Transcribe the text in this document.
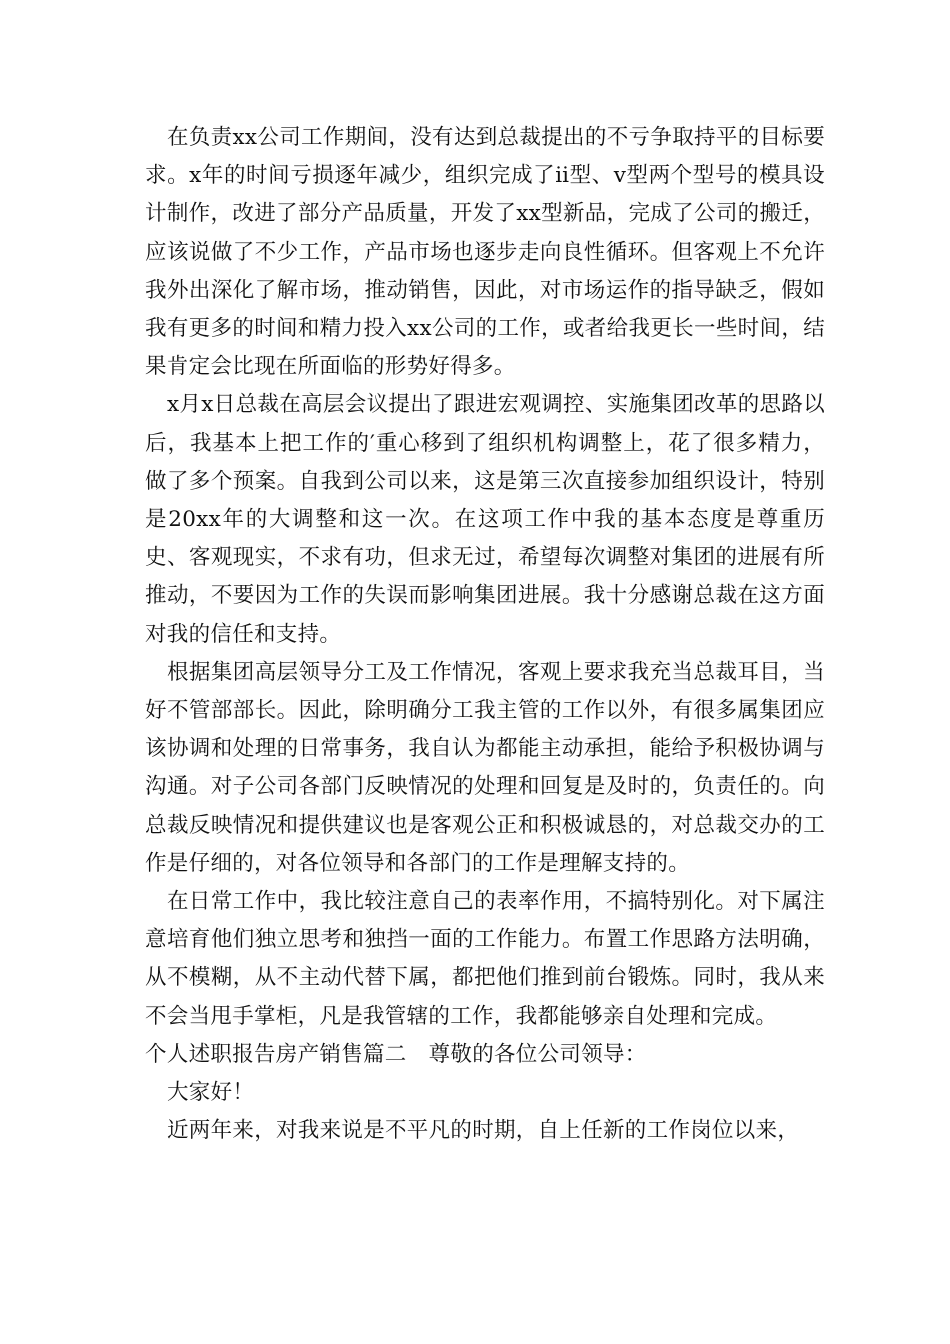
在负责xx公司工作期间，没有达到总裁提出的不亏争取持平的目标要求。x年的时间亏损逐年减少，组织完成了ⅱ型、ⅴ型两个型号的模具设计制作，改进了部分产品质量，开发了xx型新品，完成了公司的搬迁，应该说做了不少工作，产品市场也逐步走向良性循环。但客观上不允许我外出深化了解市场，推动销售，因此，对市场运作的指导缺乏，假如我有更多的时间和精力投入xx公司的工作，或者给我更长一些时间，结果肯定会比现在所面临的形势好得多。

x月x日总裁在高层会议提出了跟进宏观调控、实施集团改革的思路以后，我基本上把工作的′重心移到了组织机构调整上，花了很多精力，做了多个预案。自我到公司以来，这是第三次直接参加组织设计，特别是20xx年的大调整和这一次。在这项工作中我的基本态度是尊重历史、客观现实，不求有功，但求无过，希望每次调整对集团的进展有所推动，不要因为工作的失误而影响集团进展。我十分感谢总裁在这方面对我的信任和支持。

根据集团高层领导分工及工作情况，客观上要求我充当总裁耳目，当好不管部部长。因此，除明确分工我主管的工作以外，有很多属集团应该协调和处理的日常事务，我自认为都能主动承担，能给予积极协调与沟通。对子公司各部门反映情况的处理和回复是及时的，负责任的。向总裁反映情况和提供建议也是客观公正和积极诚恳的，对总裁交办的工作是仔细的，对各位领导和各部门的工作是理解支持的。

在日常工作中，我比较注意自己的表率作用，不搞特别化。对下属注意培育他们独立思考和独挡一面的工作能力。布置工作思路方法明确，从不模糊，从不主动代替下属，都把他们推到前台锻炼。同时，我从来不会当甩手掌柜，凡是我管辖的工作，我都能够亲自处理和完成。

个人述职报告房产销售篇二 尊敬的各位公司领导：

大家好！

近两年来，对我来说是不平凡的时期，自上任新的工作岗位以来，
